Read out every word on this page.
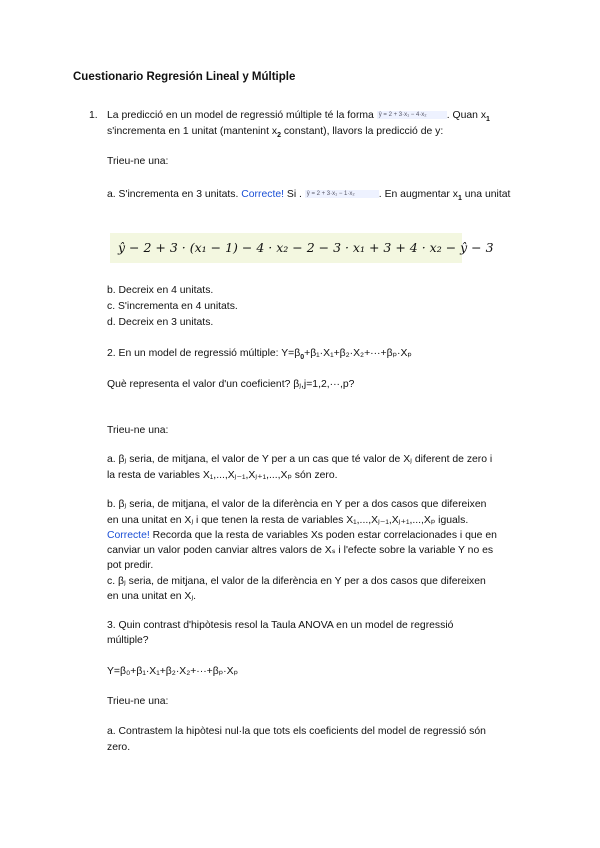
Cuestionario Regresión Lineal y Múltiple
1. La predicció en un model de regressió múltiple té la forma ŷ = 2 + 3·x₁ − 4·x₂ . Quan $x_1$
s'incrementa en 1 unitat (mantenint $x_2$ constant), llavors la predicció de y:
Trieu-ne una:
a. S'incrementa en 3 unitats. Correcte! Si . ŷ = 2 + 3·x₁ − 1·x₂ . En augmentar $x_1$ una unitat
ŷ − 2 + 3 · (x₁ − 1) − 4 · x₂ − 2 − 3 · x₁ + 3 + 4 · x₂ − ŷ − 3
b. Decreix en 4 unitats.
c. S'incrementa en 4 unitats.
d. Decreix en 3 unitats.
2. En un model de regressió múltiple: $Y=\beta_0+\beta_1\cdot X_1+\beta_2\cdot X_2+\cdot\cdot\cdot+\beta_p\cdot X_p$
Què representa el valor d'un coeficient? βⱼ,j=1,2,···,p?
Trieu-ne una:
a. βⱼ seria, de mitjana, el valor de Y per a un cas que té valor de Xⱼ diferent de zero i
la resta de variables X₁,...,Xⱼ₋₁,Xⱼ₊₁,...,Xₚ són zero.
b. βⱼ seria, de mitjana, el valor de la diferència en Y per a dos casos que difereixen
en una unitat en Xⱼ i que tenen la resta de variables X₁,...,Xⱼ₋₁,Xⱼ₊₁,...,Xₚ iguals.
Correcte! Recorda que la resta de variables Xs poden estar correlacionades i que en
canviar un valor poden canviar altres valors de Xₛ i l'efecte sobre la variable Y no es
pot predir.
c. βⱼ seria, de mitjana, el valor de la diferència en Y per a dos casos que difereixen
en una unitat en Xⱼ.
3. Quin contrast d'hipòtesis resol la Taula ANOVA en un model de regressió
múltiple?
Y=β₀+β₁·X₁+β₂·X₂+···+βₚ·Xₚ
Trieu-ne una:
a. Contrastem la hipòtesi nul·la que tots els coeficients del model de regressió són
zero.
